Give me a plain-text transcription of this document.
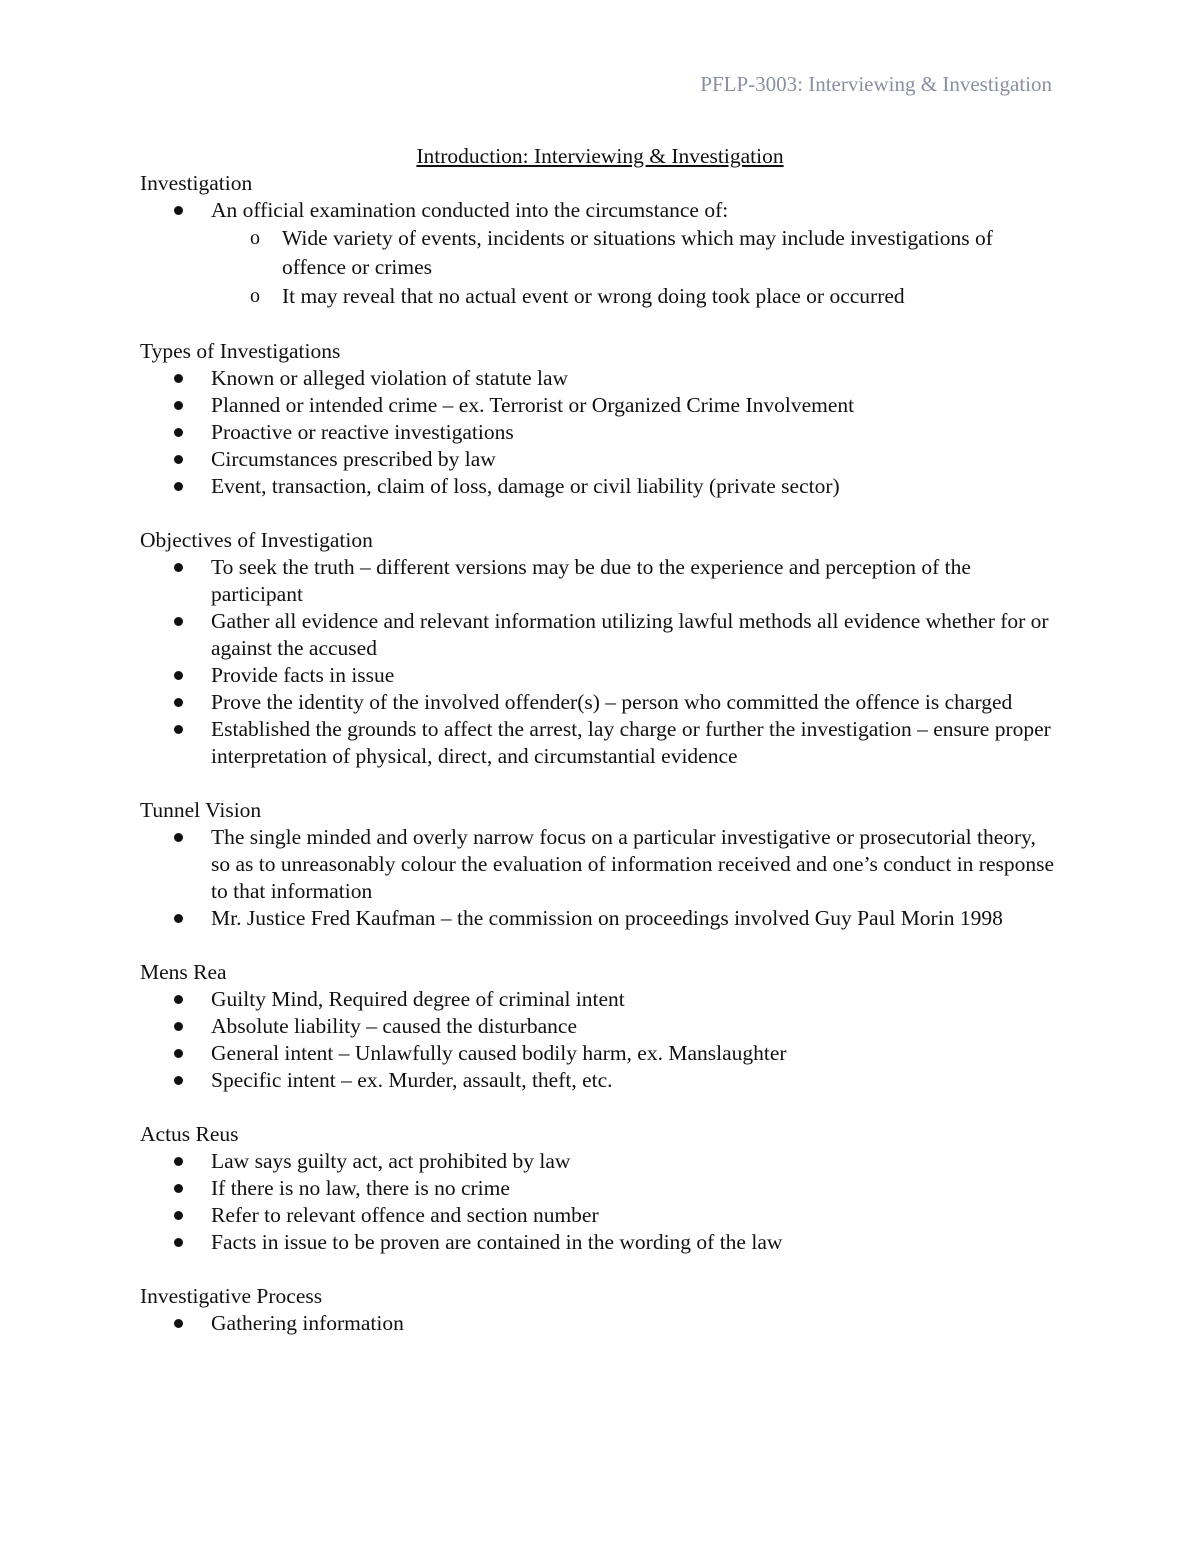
PFLP-3003: Interviewing & Investigation
Introduction: Interviewing & Investigation
Investigation
An official examination conducted into the circumstance of:
o Wide variety of events, incidents or situations which may include investigations of offence or crimes
o It may reveal that no actual event or wrong doing took place or occurred
Types of Investigations
Known or alleged violation of statute law
Planned or intended crime – ex. Terrorist or Organized Crime Involvement
Proactive or reactive investigations
Circumstances prescribed by law
Event, transaction, claim of loss, damage or civil liability (private sector)
Objectives of Investigation
To seek the truth – different versions may be due to the experience and perception of the participant
Gather all evidence and relevant information utilizing lawful methods all evidence whether for or against the accused
Provide facts in issue
Prove the identity of the involved offender(s) – person who committed the offence is charged
Established the grounds to affect the arrest, lay charge or further the investigation – ensure proper interpretation of physical, direct, and circumstantial evidence
Tunnel Vision
The single minded and overly narrow focus on a particular investigative or prosecutorial theory, so as to unreasonably colour the evaluation of information received and one’s conduct in response to that information
Mr. Justice Fred Kaufman – the commission on proceedings involved Guy Paul Morin 1998
Mens Rea
Guilty Mind, Required degree of criminal intent
Absolute liability – caused the disturbance
General intent – Unlawfully caused bodily harm, ex. Manslaughter
Specific intent – ex. Murder, assault, theft, etc.
Actus Reus
Law says guilty act, act prohibited by law
If there is no law, there is no crime
Refer to relevant offence and section number
Facts in issue to be proven are contained in the wording of the law
Investigative Process
Gathering information
